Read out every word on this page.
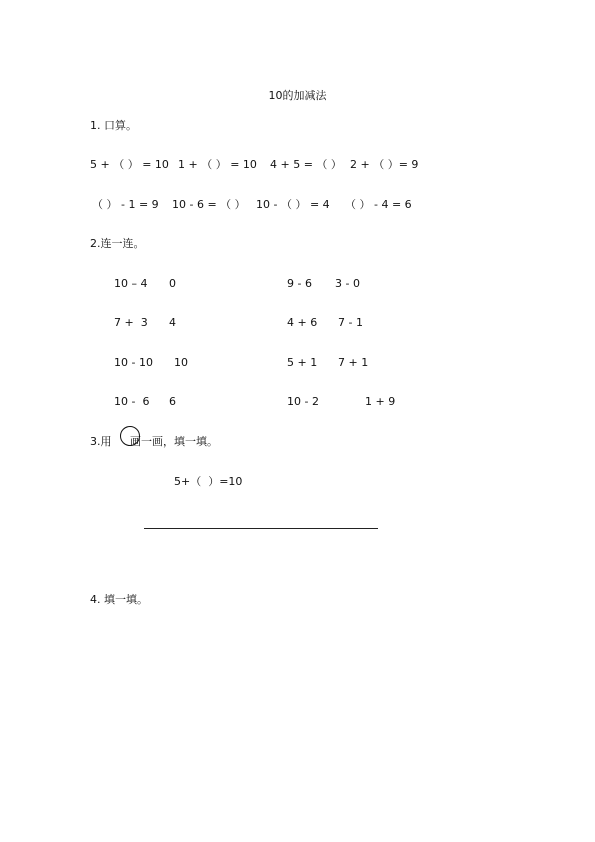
10的加减法
1. 口算。
5 + （ ） = 10 1 + （ ） = 10 4 + 5 = （ ） 2 + （ ）= 9
（ ） - 1 = 9 10 - 6 = （ ） 10 - （ ） = 4 （ ） - 4 = 6
2.连一连。
10 – 4 0	9 - 6 3 - 0
7 +  3 4	4 + 6 7 - 1
10 - 10 10	5 + 1 7 + 1
10 -  6 6	10 - 2	1 + 9
3.用 画一画，填一填。
5+（  ）=10
4. 填一填。
